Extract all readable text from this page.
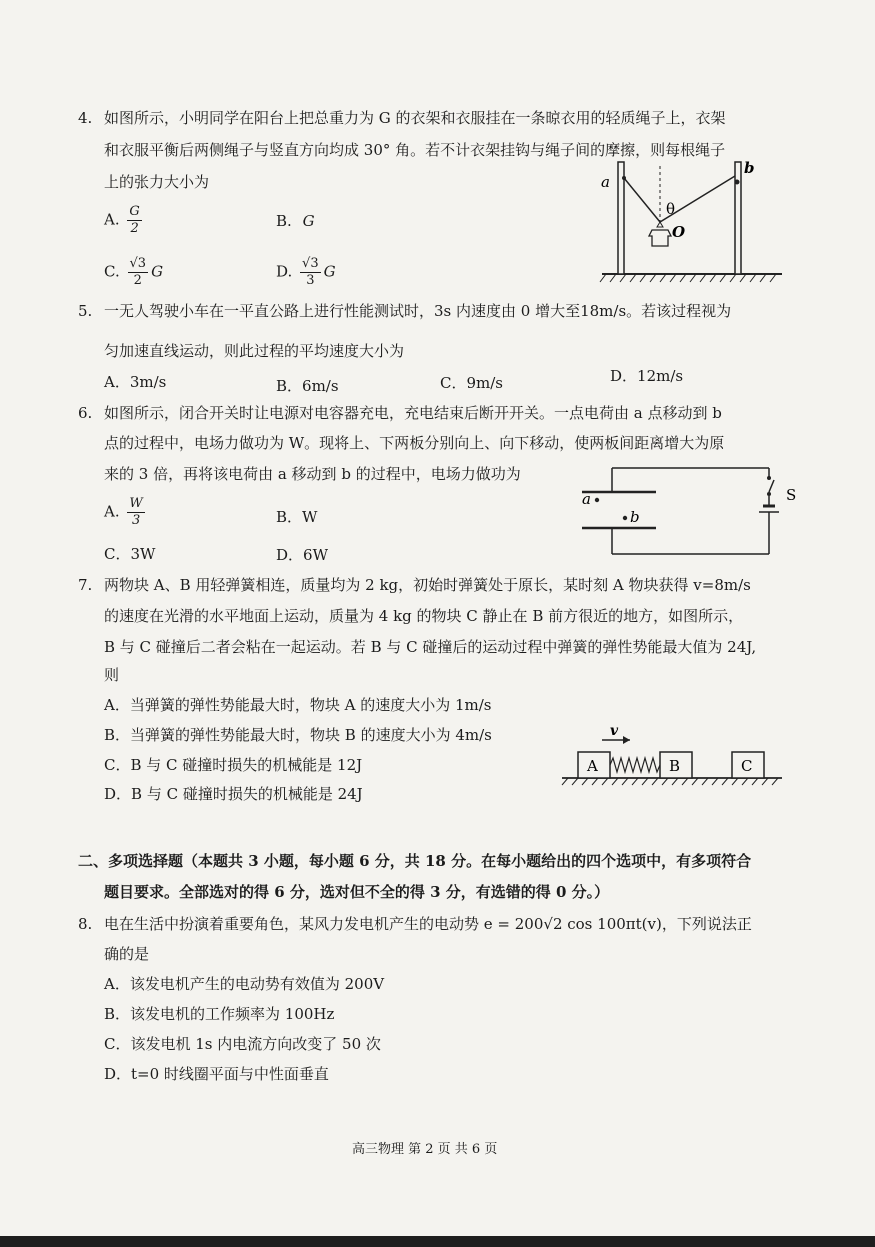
4. 如图所示，小明同学在阳台上把总重力为 G 的衣架和衣服挂在一条晾衣用的轻质绳子上，衣架
和衣服平衡后两侧绳子与竖直方向均成 30° 角。若不计衣架挂钩与绳子间的摩擦，则每根绳子
上的张力大小为
A. $\frac{G}{2}$	B. G
C. $\frac{√3}{2}$ G	D. $\frac{√3}{3}$ G
a
b
θ
O
5. 一无人驾驶小车在一平直公路上进行性能测试时，3s 内速度由 0 增大至18m/s。若该过程视为
匀加速直线运动，则此过程的平均速度大小为
A．3m/s	B．6m/s	C．9m/s	D．12m/s
6. 如图所示，闭合开关时让电源对电容器充电，充电结束后断开开关。一点电荷由 a 点移动到 b
点的过程中，电场力做功为 W。现将上、下两板分别向上、向下移动，使两板间距离增大为原
来的 3 倍，再将该电荷由 a 移动到 b 的过程中，电场力做功为
A. $\frac{W}{3}$	B．W
C．3W	D．6W
a
b
S
7. 两物块 A、B 用轻弹簧相连，质量均为 2 kg，初始时弹簧处于原长，某时刻 A 物块获得 v=8m/s
的速度在光滑的水平地面上运动，质量为 4 kg 的物块 C 静止在 B 前方很近的地方，如图所示，
B 与 C 碰撞后二者会粘在一起运动。若 B 与 C 碰撞后的运动过程中弹簧的弹性势能最大值为 24J,
则
A．当弹簧的弹性势能最大时，物块 A 的速度大小为 1m/s
B．当弹簧的弹性势能最大时，物块 B 的速度大小为 4m/s
C．B 与 C 碰撞时损失的机械能是 12J
D．B 与 C 碰撞时损失的机械能是 24J
A	B	C
v
二、多项选择题（本题共 3 小题，每小题 6 分，共 18 分。在每小题给出的四个选项中，有多项符合
题目要求。全部选对的得 6 分，选对但不全的得 3 分，有选错的得 0 分。）
8. 电在生活中扮演着重要角色，某风力发电机产生的电动势 e = 200√2 cos 100πt(v)，下列说法正
确的是
A．该发电机产生的电动势有效值为 200V
B．该发电机的工作频率为 100Hz
C．该发电机 1s 内电流方向改变了 50 次
D．t=0 时线圈平面与中性面垂直
高三物理 第 2 页 共 6 页
